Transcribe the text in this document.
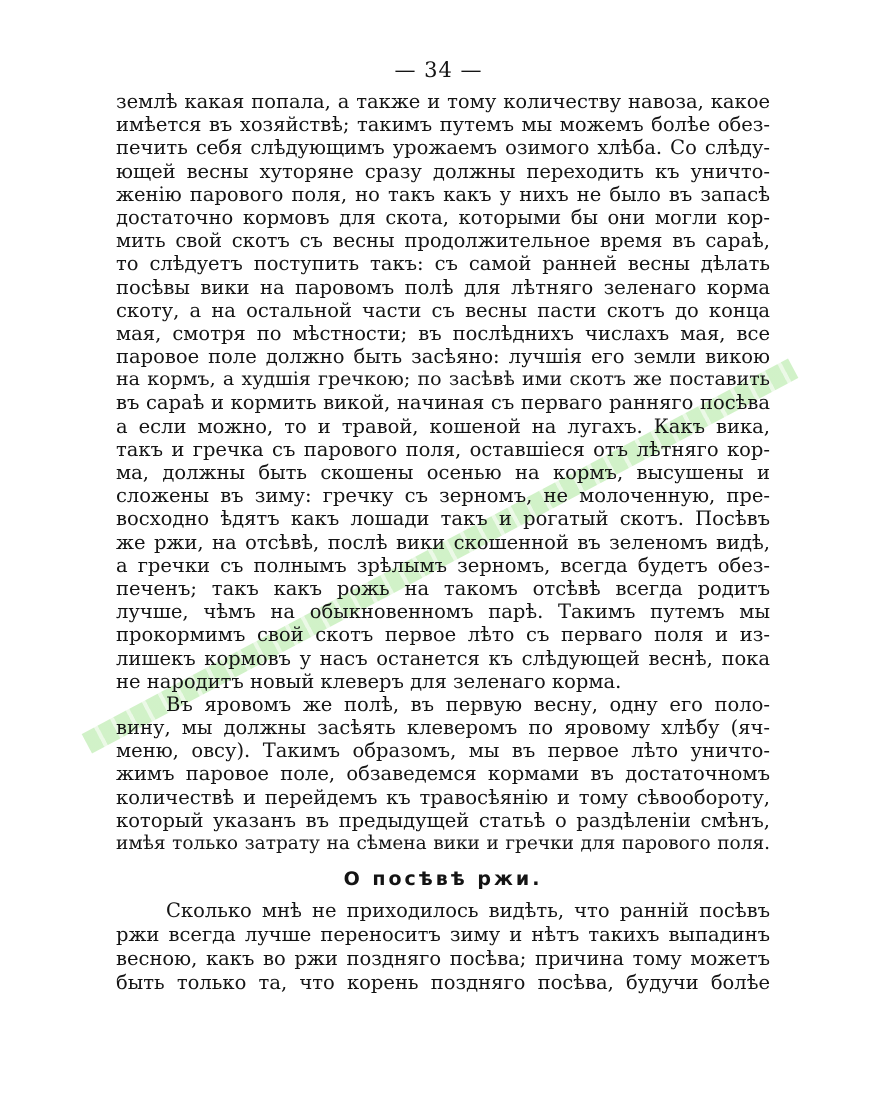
— 34 —
землѣ какая попала, а также и тому количеству навоза, какое
имѣется въ хозяйствѣ; такимъ путемъ мы можемъ болѣе обез-
печить себя слѣдующимъ урожаемъ озимого хлѣба. Со слѣду-
ющей весны хуторяне сразу должны переходить къ уничто-
женію парового поля, но такъ какъ у нихъ не было въ запасѣ
достаточно кормовъ для скота, которыми бы они могли кор-
мить свой скотъ съ весны продолжительное время въ сараѣ,
то слѣдуетъ поступить такъ: съ самой ранней весны дѣлать
посѣвы вики на паровомъ полѣ для лѣтняго зеленаго корма
скоту, а на остальной части съ весны пасти скотъ до конца
мая, смотря по мѣстности; въ послѣднихъ числахъ мая, все
паровое поле должно быть засѣяно: лучшія его земли викою
на кормъ, а худшія гречкою; по засѣвѣ ими скотъ же поставить
въ сараѣ и кормить викой, начиная съ перваго ранняго посѣва
а если можно, то и травой, кошеной на лугахъ. Какъ вика,
такъ и гречка съ парового поля, оставшіеся отъ лѣтняго кор-
ма, должны быть скошены осенью на кормъ, высушены и
сложены въ зиму: гречку съ зерномъ, не молоченную, пре-
восходно ѣдятъ какъ лошади такъ и рогатый скотъ. Посѣвъ
же ржи, на отсѣвѣ, послѣ вики скошенной въ зеленомъ видѣ,
а гречки съ полнымъ зрѣлымъ зерномъ, всегда будетъ обез-
печенъ; такъ какъ рожь на такомъ отсѣвѣ всегда родитъ
лучше, чѣмъ на обыкновенномъ парѣ. Такимъ путемъ мы
прокормимъ свой скотъ первое лѣто съ перваго поля и из-
лишекъ кормовъ у насъ останется къ слѣдующей веснѣ, пока
не народитъ новый клеверъ для зеленаго корма.
Въ яровомъ же полѣ, въ первую весну, одну его поло-
вину, мы должны засѣять клеверомъ по яровому хлѣбу (яч-
меню, овсу). Такимъ образомъ, мы въ первое лѣто уничто-
жимъ паровое поле, обзаведемся кормами въ достаточномъ
количествѣ и перейдемъ къ травосѣянію и тому сѣвообороту,
который указанъ въ предыдущей статьѣ о раздѣленіи смѣнъ,
имѣя только затрату на сѣмена вики и гречки для парового поля.
О посѣвѣ ржи.
Сколько мнѣ не приходилось видѣть, что ранній посѣвъ
ржи всегда лучше переноситъ зиму и нѣтъ такихъ выпадинъ
весною, какъ во ржи поздняго посѣва; причина тому можетъ
быть только та, что корень поздняго посѣва, будучи болѣе
